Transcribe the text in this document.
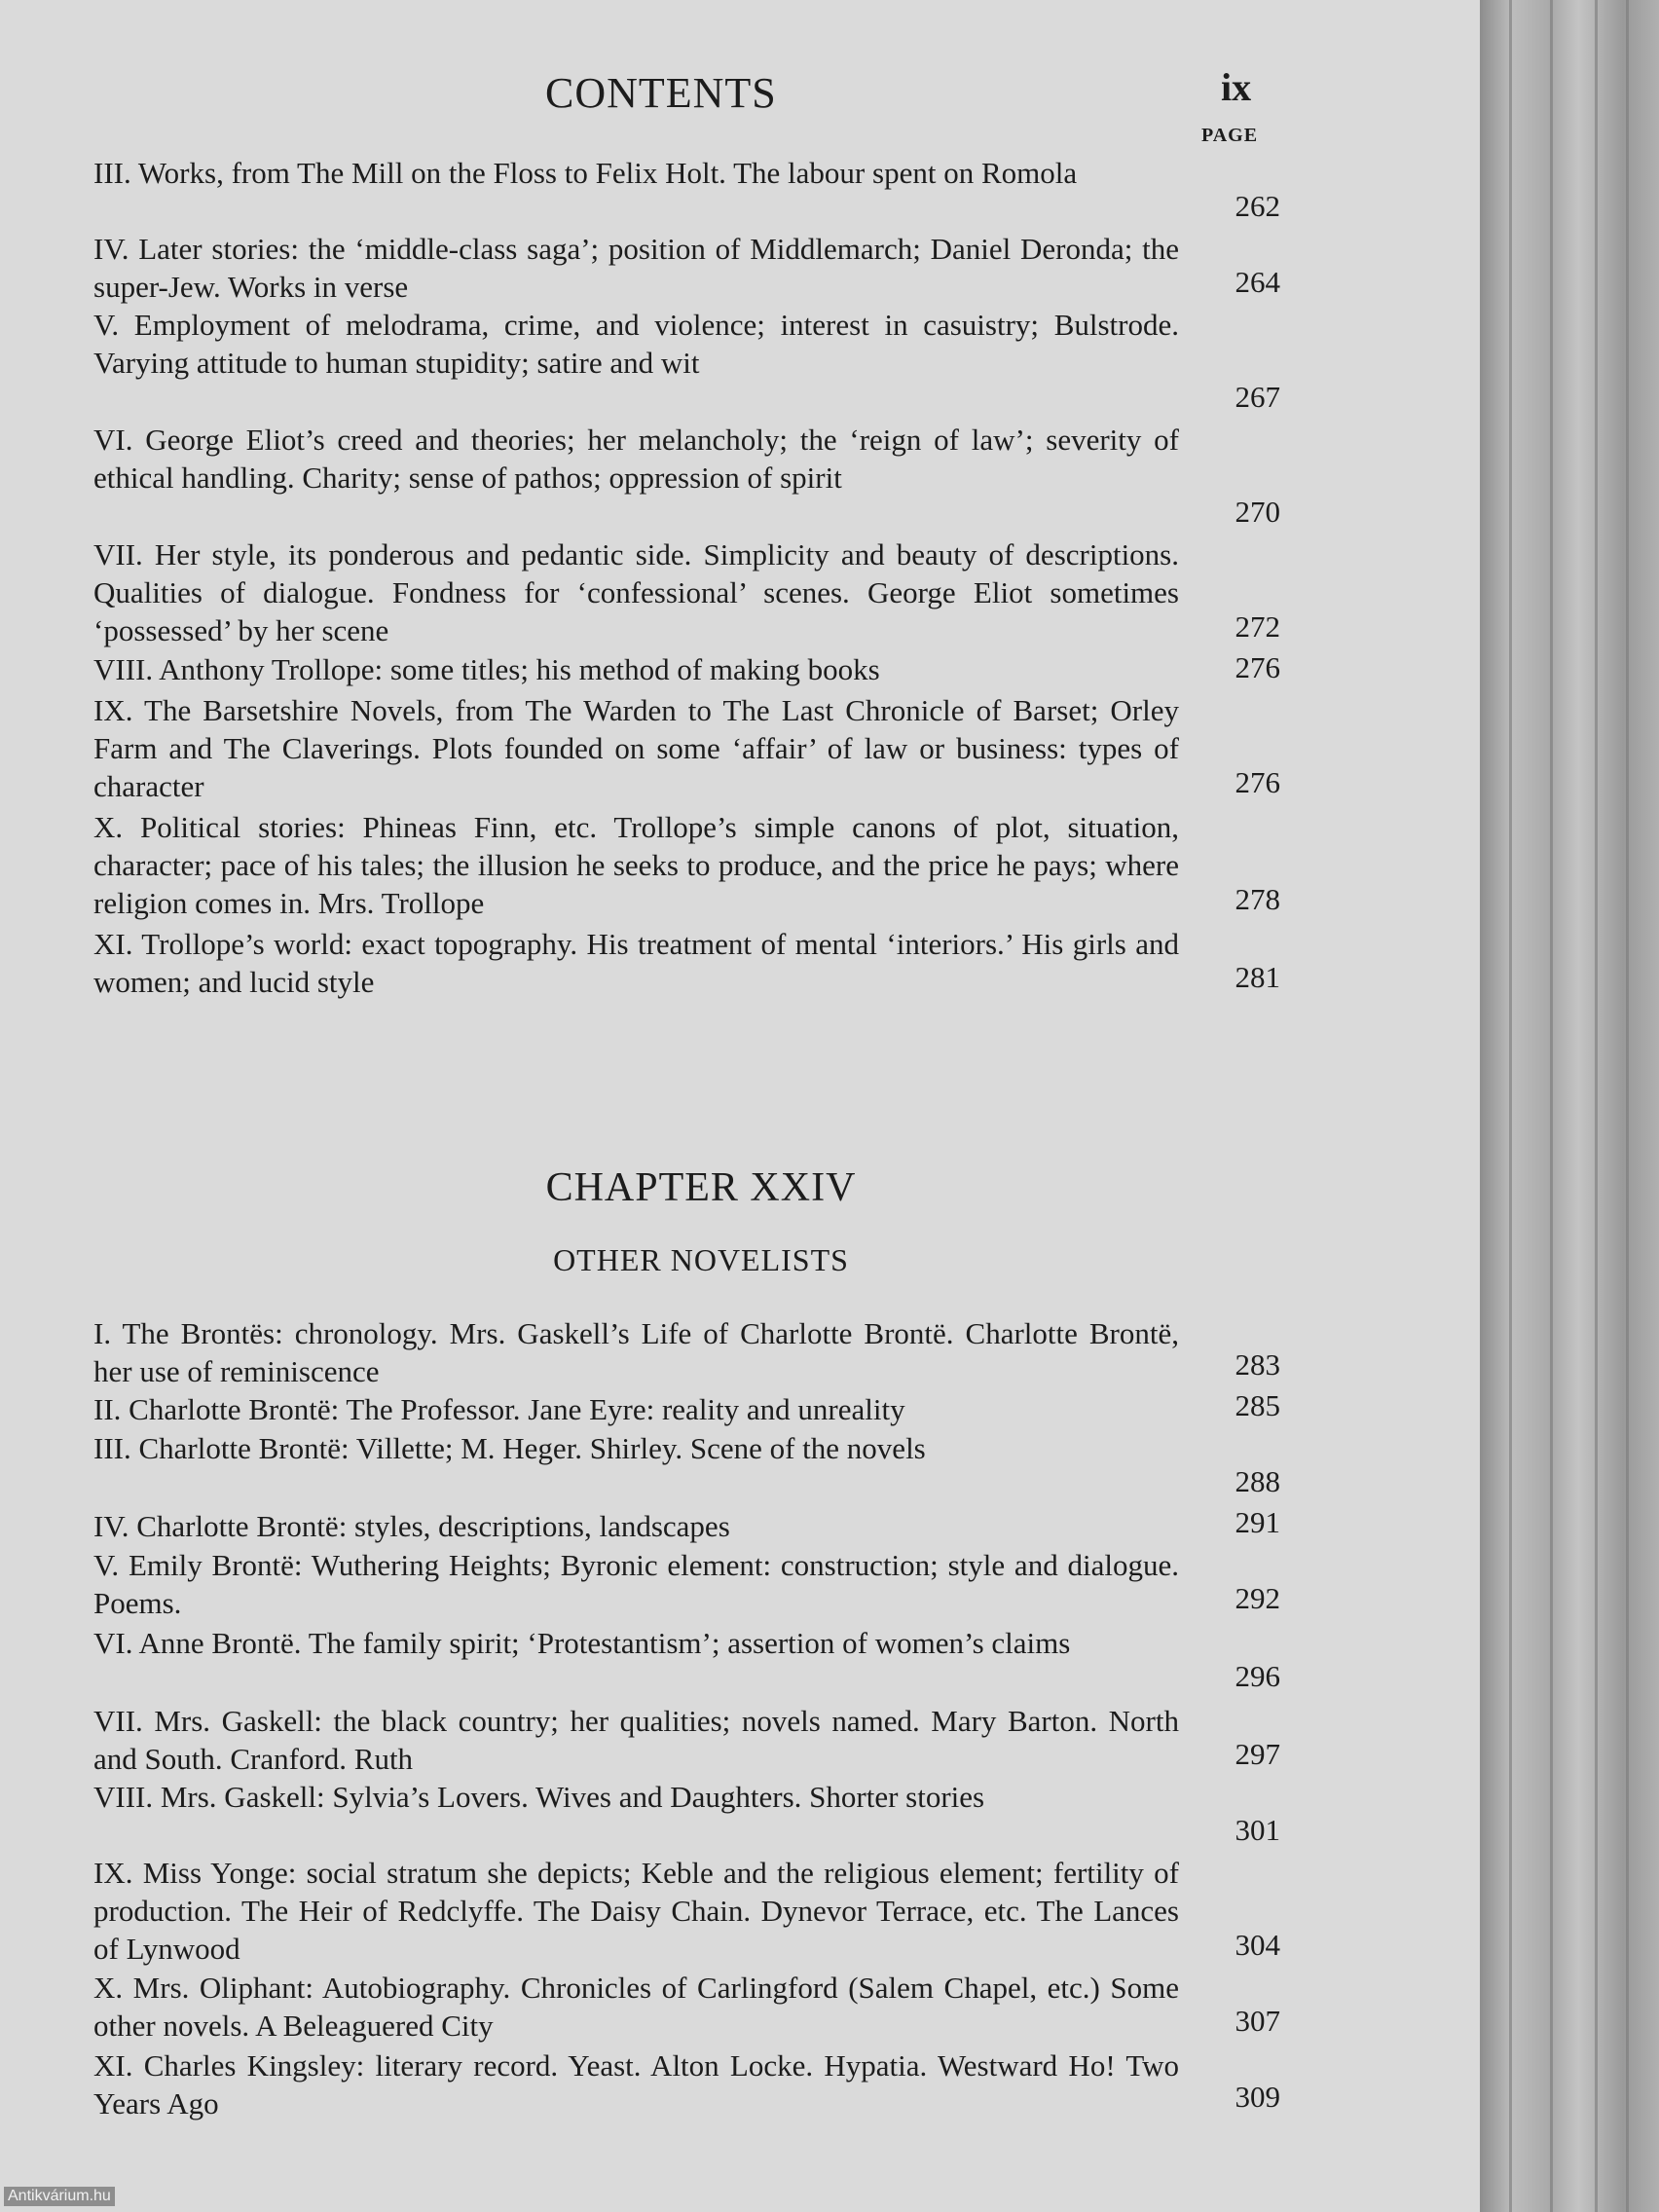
CONTENTS	ix
PAGE
III. Works, from The Mill on the Floss to Felix Holt. The labour spent on Romola
262
IV. Later stories: the ‘middle-class saga’; position of Middlemarch; Daniel Deronda; the super-Jew. Works in verse	264
V. Employment of melodrama, crime, and violence; interest in casuistry; Bulstrode. Varying attitude to human stupidity; satire and wit
267
VI. George Eliot’s creed and theories; her melancholy; the ‘reign of law’; severity of ethical handling. Charity; sense of pathos; oppression of spirit
270
VII. Her style, its ponderous and pedantic side. Simplicity and beauty of descriptions. Qualities of dialogue. Fondness for ‘confessional’ scenes. George Eliot sometimes ‘possessed’ by her scene	272
VIII. Anthony Trollope: some titles; his method of making books	276
IX. The Barsetshire Novels, from The Warden to The Last Chronicle of Barset; Orley Farm and The Claverings. Plots founded on some ‘affair’ of law or business: types of character	276
X. Political stories: Phineas Finn, etc. Trollope’s simple canons of plot, situation, character; pace of his tales; the illusion he seeks to produce, and the price he pays; where religion comes in. Mrs. Trollope	278
XI. Trollope’s world: exact topography. His treatment of mental ‘interiors.’ His girls and women; and lucid style	281
CHAPTER XXIV
OTHER NOVELISTS
I. The Brontës: chronology. Mrs. Gaskell’s Life of Charlotte Brontë. Charlotte Brontë, her use of reminiscence	283
II. Charlotte Brontë: The Professor. Jane Eyre: reality and unreality	285
III. Charlotte Brontë: Villette; M. Heger. Shirley. Scene of the novels
288
IV. Charlotte Brontë: styles, descriptions, landscapes	291
V. Emily Brontë: Wuthering Heights; Byronic element: construction; style and dialogue. Poems.	292
VI. Anne Brontë. The family spirit; ‘Protestantism’; assertion of women’s claims
296
VII. Mrs. Gaskell: the black country; her qualities; novels named. Mary Barton. North and South. Cranford. Ruth	297
VIII. Mrs. Gaskell: Sylvia’s Lovers. Wives and Daughters. Shorter stories
301
IX. Miss Yonge: social stratum she depicts; Keble and the religious element; fertility of production. The Heir of Redclyffe. The Daisy Chain. Dynevor Terrace, etc. The Lances of Lynwood	304
X. Mrs. Oliphant: Autobiography. Chronicles of Carlingford (Salem Chapel, etc.) Some other novels. A Beleaguered City	307
XI. Charles Kingsley: literary record. Yeast. Alton Locke. Hypatia. Westward Ho! Two Years Ago	309
Antikvárium.hu
